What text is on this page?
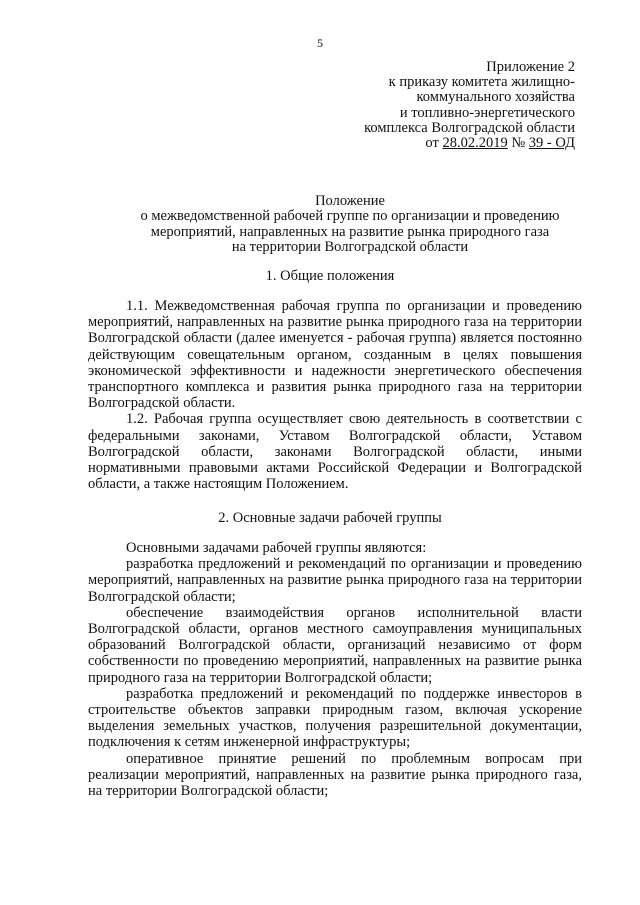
5
Приложение 2
к приказу комитета жилищно-
коммунального хозяйства
и топливно-энергетического
комплекса Волгоградской области
от 28.02.2019 № 39 - ОД
Положение
о межведомственной рабочей группе по организации и проведению
мероприятий, направленных на развитие рынка природного газа
на территории Волгоградской области
1. Общие положения

1.1. Межведомственная рабочая группа по организации и проведению мероприятий, направленных на развитие рынка природного газа на территории Волгоградской области (далее именуется - рабочая группа) является постоянно действующим совещательным органом, созданным в целях повышения экономической эффективности и надежности энергетического обеспечения транспортного комплекса и развития рынка природного газа на территории Волгоградской области.

1.2. Рабочая группа осуществляет свою деятельность в соответствии с федеральными законами, Уставом Волгоградской области, Уставом Волгоградской области, законами Волгоградской области, иными нормативными правовыми актами Российской Федерации и Волгоградской области, а также настоящим Положением.

2. Основные задачи рабочей группы

Основными задачами рабочей группы являются:

разработка предложений и рекомендаций по организации и проведению мероприятий, направленных на развитие рынка природного газа на территории Волгоградской области;

обеспечение взаимодействия органов исполнительной власти Волгоградской области, органов местного самоуправления муниципальных образований Волгоградской области, организаций независимо от форм собственности по проведению мероприятий, направленных на развитие рынка природного газа на территории Волгоградской области;

разработка предложений и рекомендаций по поддержке инвесторов в строительстве объектов заправки природным газом, включая ускорение выделения земельных участков, получения разрешительной документации, подключения к сетям инженерной инфраструктуры;

оперативное принятие решений по проблемным вопросам при реализации мероприятий, направленных на развитие рынка природного газа, на территории Волгоградской области;
